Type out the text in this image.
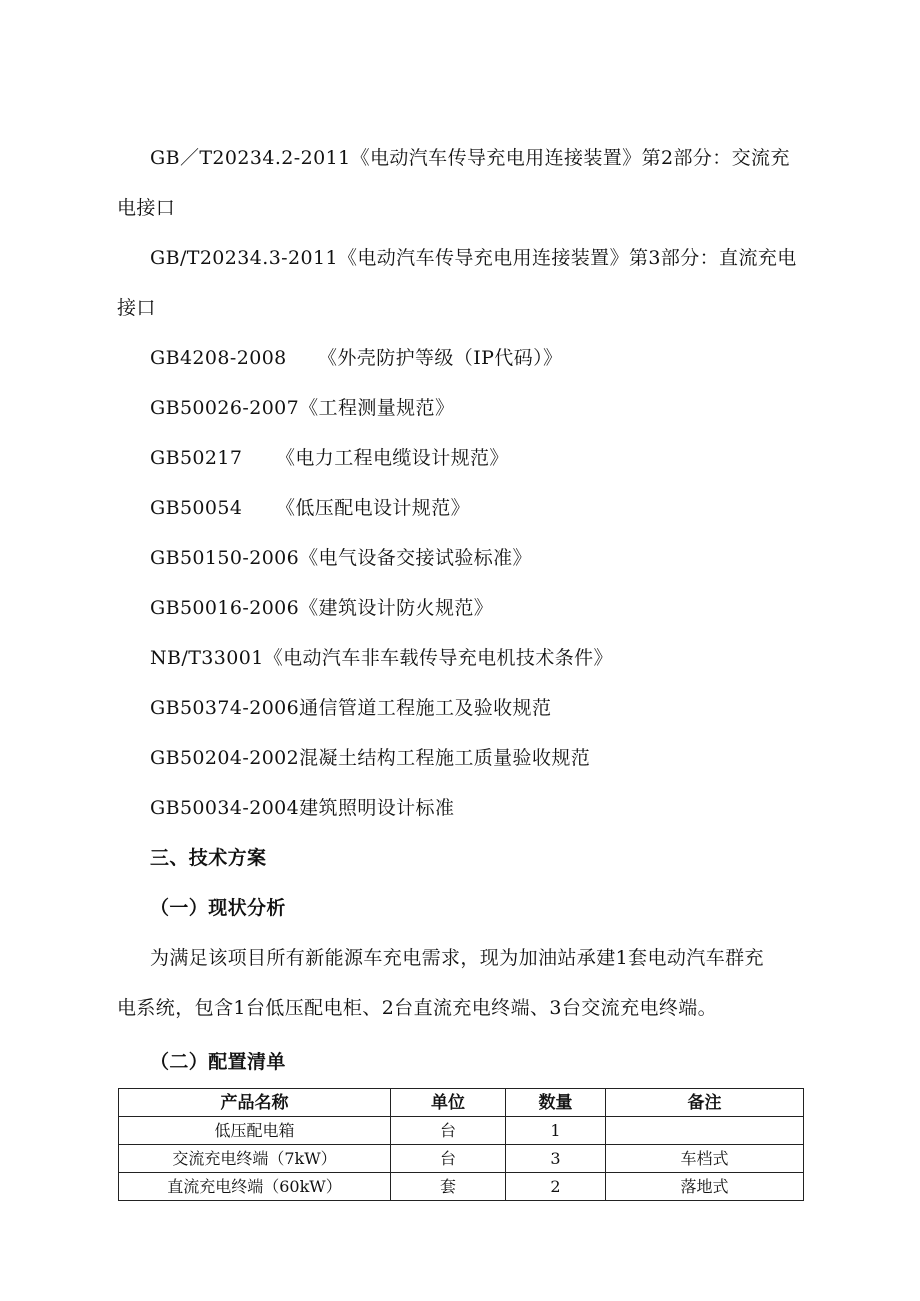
GB／T20234.2-2011《电动汽车传导充电用连接装置》第2部分：交流充
电接口
GB/T20234.3-2011《电动汽车传导充电用连接装置》第3部分：直流充电
接口
GB4208-2008 《外壳防护等级（IP代码）》
GB50026-2007《工程测量规范》
GB50217 《电力工程电缆设计规范》
GB50054 《低压配电设计规范》
GB50150-2006《电气设备交接试验标准》
GB50016-2006《建筑设计防火规范》
NB/T33001《电动汽车非车载传导充电机技术条件》
GB50374-2006通信管道工程施工及验收规范
GB50204-2002混凝土结构工程施工质量验收规范
GB50034-2004建筑照明设计标准
三、技术方案
（一）现状分析
为满足该项目所有新能源车充电需求，现为加油站承建1套电动汽车群充
电系统，包含1台低压配电柜、2台直流充电终端、3台交流充电终端。
（二）配置清单
产品名称	单位	数量	备注
低压配电箱	台	1	
交流充电终端（7kW）	台	3	车档式
直流充电终端（60kW）	套	2	落地式
